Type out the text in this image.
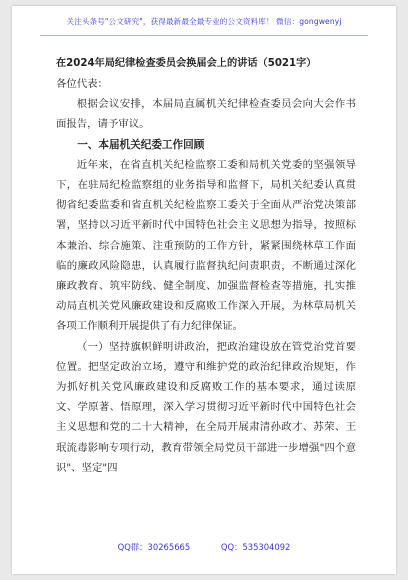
关注头条号"公文研究"，获得最新最全最专业的公文资料库！ 微信：gongwenyj

在2024年局纪律检查委员会换届会上的讲话（5021字）

各位代表：

根据会议安排，本届局直属机关纪律检查委员会向大会作书面报告，请予审议。

一、本届机关纪委工作回顾

近年来，在省直机关纪检监察工委和局机关党委的坚强领导下，在驻局纪检监察组的业务指导和监督下，局机关纪委认真贯彻省纪委监委和省直机关纪检监察工委关于全面从严治党决策部署，坚持以习近平新时代中国特色社会主义思想为指导，按照标本兼治、综合施策、注重预防的工作方针，紧紧围绕林草工作面临的廉政风险隐患，认真履行监督执纪问责职责，不断通过深化廉政教育、筑牢防线、健全制度、加强监督检查等措施，扎实推动局直机关党风廉政建设和反腐败工作深入开展，为林草局机关各项工作顺利开展提供了有力纪律保证。

（一）坚持旗帜鲜明讲政治，把政治建设放在管党治党首要位置。把坚定政治立场，遵守和维护党的政治纪律政治规矩，作为抓好机关党风廉政建设和反腐败工作的基本要求，通过读原文、学原著、悟原理，深入学习贯彻习近平新时代中国特色社会主义思想和党的二十大精神，在全局开展肃清孙政才、苏荣、王珉流毒影响专项行动，教育带领全局党员干部进一步增强"四个意识"、坚定"四

QQ群：30265665	QQ：535304092
